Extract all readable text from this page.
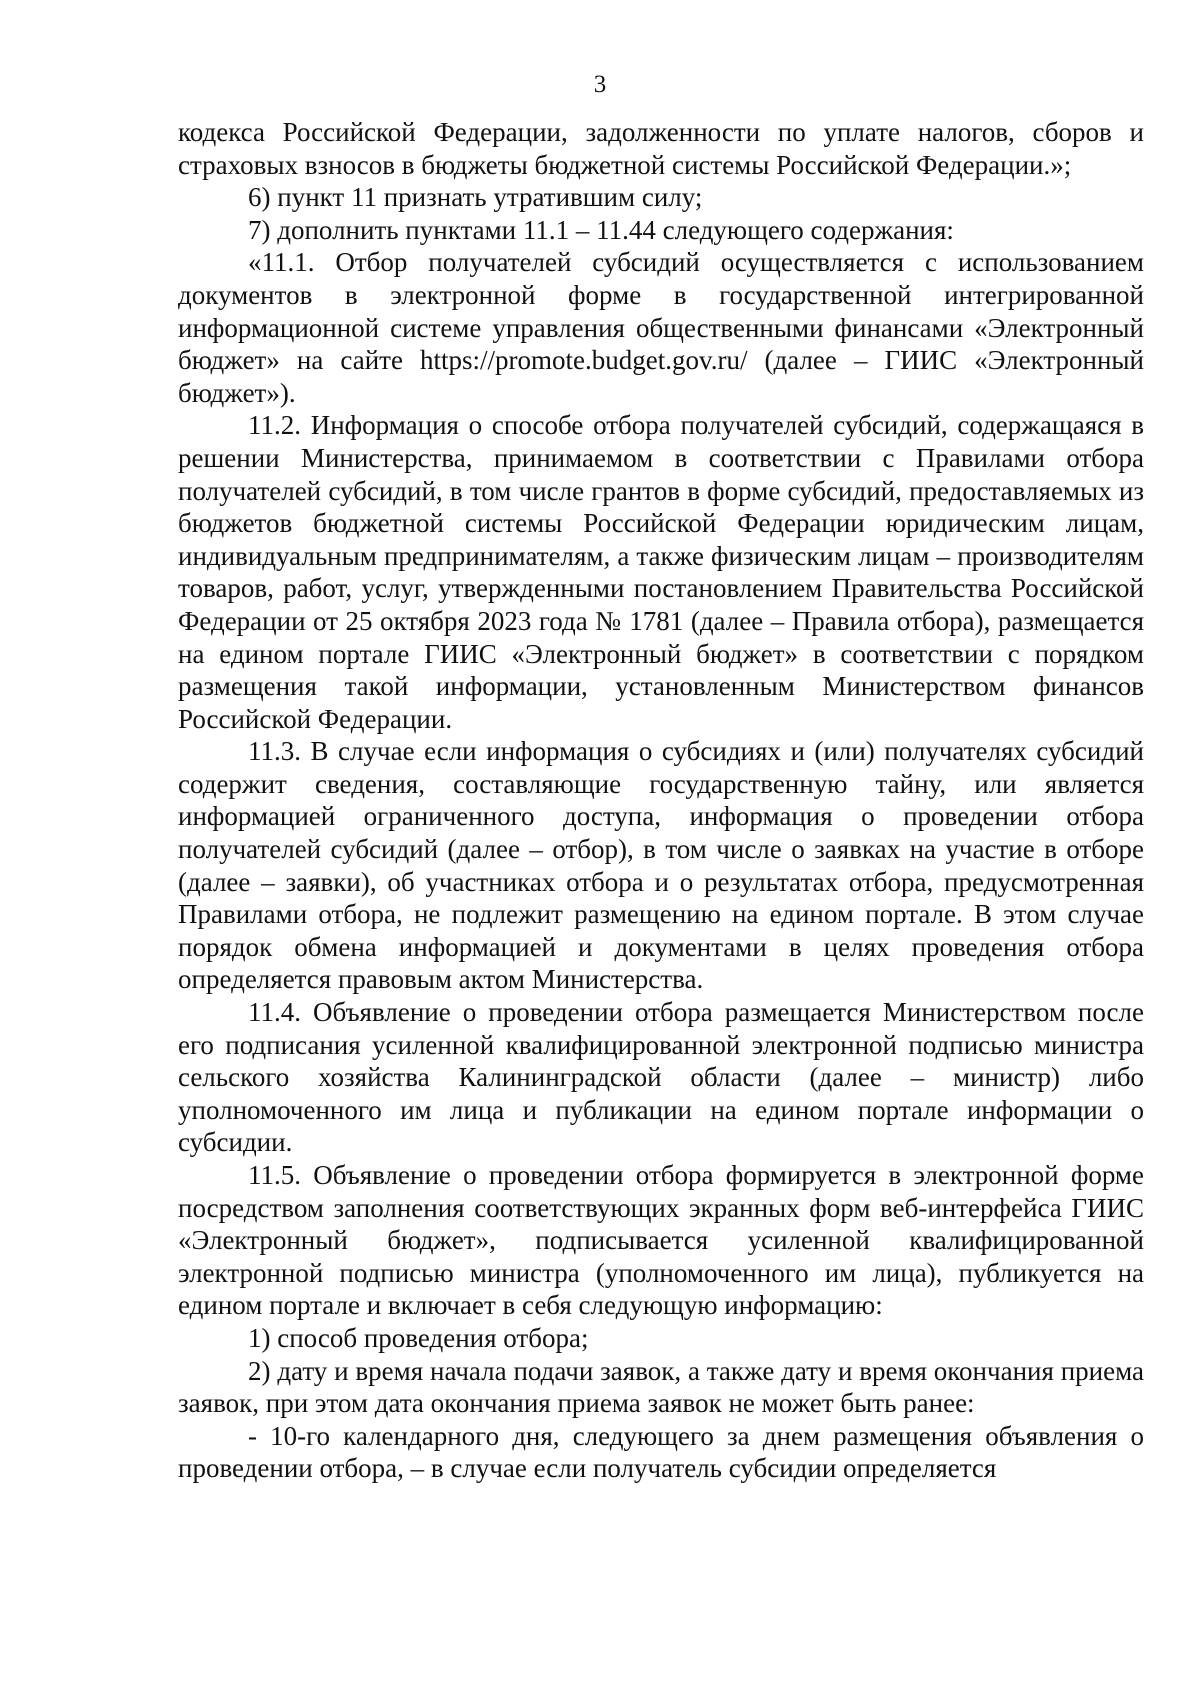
3

кодекса Российской Федерации, задолженности по уплате налогов, сборов и страховых взносов в бюджеты бюджетной системы Российской Федерации.»;

6) пункт 11 признать утратившим силу;

7) дополнить пунктами 11.1 – 11.44 следующего содержания:

«11.1. Отбор получателей субсидий осуществляется с использованием документов в электронной форме в государственной интегрированной информационной системе управления общественными финансами «Электронный бюджет» на сайте https://promote.budget.gov.ru/ (далее – ГИИС «Электронный бюджет»).

11.2. Информация о способе отбора получателей субсидий, содержащаяся в решении Министерства, принимаемом в соответствии с Правилами отбора получателей субсидий, в том числе грантов в форме субсидий, предоставляемых из бюджетов бюджетной системы Российской Федерации юридическим лицам, индивидуальным предпринимателям, а также физическим лицам – производителям товаров, работ, услуг, утвержденными постановлением Правительства Российской Федерации от 25 октября 2023 года № 1781 (далее – Правила отбора), размещается на едином портале ГИИС «Электронный бюджет» в соответствии с порядком размещения такой информации, установленным Министерством финансов Российской Федерации.

11.3. В случае если информация о субсидиях и (или) получателях субсидий содержит сведения, составляющие государственную тайну, или является информацией ограниченного доступа, информация о проведении отбора получателей субсидий (далее – отбор), в том числе о заявках на участие в отборе (далее – заявки), об участниках отбора и о результатах отбора, предусмотренная Правилами отбора, не подлежит размещению на едином портале. В этом случае порядок обмена информацией и документами в целях проведения отбора определяется правовым актом Министерства.

11.4. Объявление о проведении отбора размещается Министерством после его подписания усиленной квалифицированной электронной подписью министра сельского хозяйства Калининградской области (далее – министр) либо уполномоченного им лица и публикации на едином портале информации о субсидии.

11.5. Объявление о проведении отбора формируется в электронной форме посредством заполнения соответствующих экранных форм веб-интерфейса ГИИС «Электронный бюджет», подписывается усиленной квалифицированной электронной подписью министра (уполномоченного им лица), публикуется на едином портале и включает в себя следующую информацию:

1) способ проведения отбора;

2) дату и время начала подачи заявок, а также дату и время окончания приема заявок, при этом дата окончания приема заявок не может быть ранее:

- 10-го календарного дня, следующего за днем размещения объявления о проведении отбора, – в случае если получатель субсидии определяется
